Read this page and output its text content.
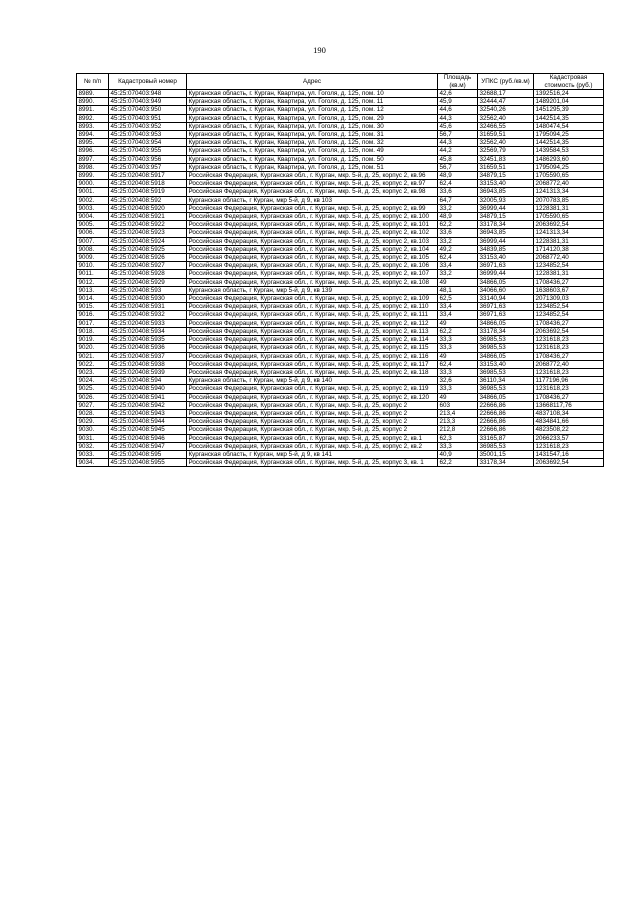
190
№ п/п	Кадастровый номер	Адрес	Площадь (кв.м)	УПКС (руб./кв.м)	Кадастровая стоимость (руб.)
8989.	45:25:070403:948	Курганская область, г. Курган, Квартира, ул. Гоголя, д. 125, пом. 10	42,6	32688,17	1392516,24
8990.	45:25:070403:949	Курганская область, г. Курган, Квартира, ул. Гоголя, д. 125, пом. 11	45,9	32444,47	1489201,04
8991.	45:25:070403:950	Курганская область, г. Курган, Квартира, ул. Гоголя, д. 125, пом. 12	44,6	32540,26	1451295,39
8992.	45:25:070403:951	Курганская область, г. Курган, Квартира, ул. Гоголя, д. 125, пом. 29	44,3	32562,40	1442514,35
8993.	45:25:070403:952	Курганская область, г. Курган, Квартира, ул. Гоголя, д. 125, пом. 30	45,6	32466,55	1480474,54
8994.	45:25:070403:953	Курганская область, г. Курган, Квартира, ул. Гоголя, д. 125, пом. 31	56,7	31659,51	1795094,25
8995.	45:25:070403:954	Курганская область, г. Курган, Квартира, ул. Гоголя, д. 125, пом. 32	44,3	32562,40	1442514,35
8996.	45:25:070403:955	Курганская область, г. Курган, Квартира, ул. Гоголя, д. 125, пом. 49	44,2	32569,79	1439584,53
8997.	45:25:070403:956	Курганская область, г. Курган, Квартира, ул. Гоголя, д. 125, пом. 50	45,8	32451,83	1486293,60
8998.	45:25:070403:957	Курганская область, г. Курган, Квартира, ул. Гоголя, д. 125, пом. 51	56,7	31659,51	1795094,25
8999.	45:25:020408:5917	Российская Федерация, Курганская обл., г. Курган, мкр. 5-й, д. 25, корпус 2, кв.96	48,9	34879,15	1705590,65
9000.	45:25:020408:5918	Российская Федерация, Курганская обл., г. Курган, мкр. 5-й, д. 25, корпус 2, кв.97	62,4	33153,40	2068772,40
9001.	45:25:020408:5919	Российская Федерация, Курганская обл., г. Курган, мкр. 5-й, д. 25, корпус 2, кв.98	33,6	36943,85	1241313,34
9002.	45:25:020408:592	Курганская область, г Курган, мкр 5-й, д 9, кв 103	64,7	32005,93	2070783,85
9003.	45:25:020408:5920	Российская Федерация, Курганская обл., г. Курган, мкр. 5-й, д. 25, корпус 2, кв.99	33,2	36999,44	1228381,31
9004.	45:25:020408:5921	Российская Федерация, Курганская обл., г. Курган, мкр. 5-й, д. 25, корпус 2, кв.100	48,9	34879,15	1705590,65
9005.	45:25:020408:5922	Российская Федерация, Курганская обл., г. Курган, мкр. 5-й, д. 25, корпус 2, кв.101	62,2	33178,34	2063692,54
9006.	45:25:020408:5923	Российская Федерация, Курганская обл., г. Курган, мкр. 5-й, д. 25, корпус 2, кв.102	33,6	36943,85	1241313,34
9007.	45:25:020408:5924	Российская Федерация, Курганская обл., г. Курган, мкр. 5-й, д. 25, корпус 2, кв.103	33,2	36999,44	1228381,31
9008.	45:25:020408:5925	Российская Федерация, Курганская обл., г. Курган, мкр. 5-й, д. 25, корпус 2, кв.104	49,2	34839,85	1714120,38
9009.	45:25:020408:5926	Российская Федерация, Курганская обл., г. Курган, мкр. 5-й, д. 25, корпус 2, кв.105	62,4	33153,40	2068772,40
9010.	45:25:020408:5927	Российская Федерация, Курганская обл., г. Курган, мкр. 5-й, д. 25, корпус 2, кв.106	33,4	36971,63	1234852,54
9011.	45:25:020408:5928	Российская Федерация, Курганская обл., г. Курган, мкр. 5-й, д. 25, корпус 2, кв.107	33,2	36999,44	1228381,31
9012.	45:25:020408:5929	Российская Федерация, Курганская обл., г. Курган, мкр. 5-й, д. 25, корпус 2, кв.108	49	34866,05	1708436,27
9013.	45:25:020408:593	Курганская область, г Курган, мкр 5-й, д 9, кв 139	48,1	34066,60	1638603,67
9014.	45:25:020408:5930	Российская Федерация, Курганская обл., г. Курган, мкр. 5-й, д. 25, корпус 2, кв.109	62,5	33140,94	2071309,03
9015.	45:25:020408:5931	Российская Федерация, Курганская обл., г. Курган, мкр. 5-й, д. 25, корпус 2, кв.110	33,4	36971,63	1234852,54
9016.	45:25:020408:5932	Российская Федерация, Курганская обл., г. Курган, мкр. 5-й, д. 25, корпус 2, кв.111	33,4	36971,63	1234852,54
9017.	45:25:020408:5933	Российская Федерация, Курганская обл., г. Курган, мкр. 5-й, д. 25, корпус 2, кв.112	49	34866,05	1708436,27
9018.	45:25:020408:5934	Российская Федерация, Курганская обл., г. Курган, мкр. 5-й, д. 25, корпус 2, кв.113	62,2	33178,34	2063692,54
9019.	45:25:020408:5935	Российская Федерация, Курганская обл., г. Курган, мкр. 5-й, д. 25, корпус 2, кв.114	33,3	36985,53	1231618,23
9020.	45:25:020408:5936	Российская Федерация, Курганская обл., г. Курган, мкр. 5-й, д. 25, корпус 2, кв.115	33,3	36985,53	1231618,23
9021.	45:25:020408:5937	Российская Федерация, Курганская обл., г. Курган, мкр. 5-й, д. 25, корпус 2, кв.116	49	34866,05	1708436,27
9022.	45:25:020408:5938	Российская Федерация, Курганская обл., г. Курган, мкр. 5-й, д. 25, корпус 2, кв.117	62,4	33153,40	2068772,40
9023.	45:25:020408:5939	Российская Федерация, Курганская обл., г. Курган, мкр. 5-й, д. 25, корпус 2, кв.118	33,3	36985,53	1231618,23
9024.	45:25:020408:594	Курганская область, г Курган, мкр 5-й, д 9, кв 140	32,6	36110,34	1177196,96
9025.	45:25:020408:5940	Российская Федерация, Курганская обл., г. Курган, мкр. 5-й, д. 25, корпус 2, кв.119	33,3	36985,53	1231618,23
9026.	45:25:020408:5941	Российская Федерация, Курганская обл., г. Курган, мкр. 5-й, д. 25, корпус 2, кв.120	49	34866,05	1708436,27
9027.	45:25:020408:5942	Российская Федерация, Курганская обл., г. Курган, мкр. 5-й, д. 25, корпус 2	603	22666,86	13668117,76
9028.	45:25:020408:5943	Российская Федерация, Курганская обл., г. Курган, мкр. 5-й, д. 25, корпус 2	213,4	22666,86	4837108,34
9029.	45:25:020408:5944	Российская Федерация, Курганская обл., г. Курган, мкр. 5-й, д. 25, корпус 2	213,3	22666,86	4834841,66
9030.	45:25:020408:5945	Российская Федерация, Курганская обл., г. Курган, мкр. 5-й, д. 25, корпус 2	212,8	22666,86	4823508,22
9031.	45:25:020408:5946	Российская Федерация, Курганская обл., г. Курган, мкр. 5-й, д. 25, корпус 2, кв.1	62,3	33165,87	2066233,57
9032.	45:25:020408:5947	Российская Федерация, Курганская обл., г. Курган, мкр. 5-й, д. 25, корпус 2, кв.2	33,3	36985,53	1231618,23
9033.	45:25:020408:595	Курганская область, г Курган, мкр 5-й, д 9, кв 141	40,9	35001,15	1431547,16
9034.	45:25:020408:5955	Российская Федерация, Курганская обл., г. Курган, мкр. 5-й, д. 25, корпус 3, кв. 1	62,2	33178,34	2063692,54
